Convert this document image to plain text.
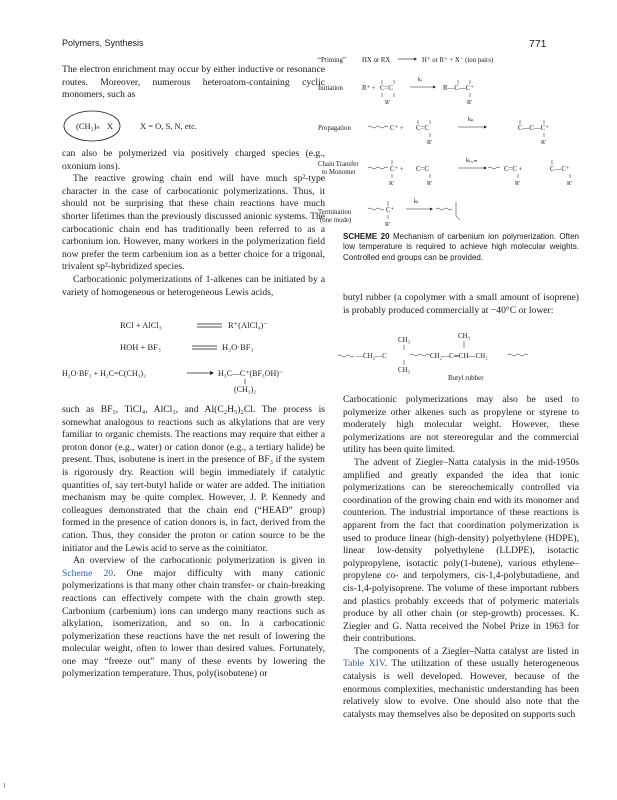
Polymers, Synthesis	771

The electron enrichment may occur by either inductive or resonance routes. Moreover, numerous heteroatom-containing cyclic monomers, such as

(CH₂)ₙ X	X = O, S, N, etc.

can also be polymerized via positively charged species (e.g., oxonium ions).

The reactive growing chain end will have much sp²-type character in the case of carbocationic polymerizations. Thus, it should not be surprising that these chain reactions have much shorter lifetimes than the previously discussed anionic systems. The carbocationic chain end has traditionally been referred to as a carbonium ion. However, many workers in the polymerization field now prefer the term carbenium ion as a better choice for a trigonal, trivalent sp²-hybridized species.

Carbocationic polymerizations of 1-alkenes can be initiated by a variety of homogeneous or heterogeneous Lewis acids,

RCl + AlCl₃	R⁺(AlCl₄)⁻
HOH + BF₃	H₂O·BF₃
H₂O·BF₃ + H₂C=C(CH₃)₂	H₃C—C⁺(BF₃OH)⁻
(CH₃)₂

such as BF₃, TiCl₄, AlCl₃, and Al(C₂H₅)₂Cl. The process is somewhat analogous to reactions such as alkylations that are very familiar to organic chemists. The reactions may require that either a proton donor (e.g., water) or cation donor (e.g., a tertiary halide) be present. Thus, isobutene is inert in the presence of BF₃ if the system is rigorously dry. Reaction will begin immediately if catalytic quantities of, say tert-butyl halide or water are added. The initiation mechanism may be quite complex. However, J. P. Kennedy and colleagues demonstrated that the chain end (“HEAD” group) formed in the presence of cation donors is, in fact, derived from the cation. Thus, they consider the proton or cation source to be the initiator and the Lewis acid to serve as the coinitiator.

An overview of the carbocationic polymerization is given in Scheme 20. One major difficulty with many cationic polymerizations is that many other chain transfer- or chain-breaking reactions can effectively compete with the chain growth step. Carbonium (carbenium) ions can undergo many reactions such as alkylation, isomerization, and so on. In a carbocationic polymerization these reactions have the net result of lowering the molecular weight, often to lower than desired values. Fortunately, one may “freeze out” many of these events by lowering the polymerization temperature. Thus, poly(isobutene) or

“Priming” HX or RX	H⁺ or R⁺ + X⁻ (ion pairs)
Initiation	R⁺ + C=C
R'
kᵢ
R—C—C⁺
R'
Propagation	C⁺ + C=C
R'
kₚ
C—C—C⁺
R'
Chain Transfer
to Monomer	C⁺ +
R'
C=C
R'
kₜᵣ,ₘ
C=C +
R'
C—C⁺
R'
Termination
(one mode)
C⁺
R'
kₜ
SCHEME 20 Mechanism of carbenium ion polymerization. Often low temperature is required to achieve high molecular weights. Controlled end groups can be provided.

butyl rubber (a copolymer with a small amount of isoprene) is probably produced commercially at −40°C or lower:

CH₃	CH₃
—CH₂—C	CH₂—C═CH—CH₂
CH₃
Butyl rubber

Carbocationic polymerizations may also be used to polymerize other alkenes such as propylene or styrene to moderately high molecular weight. However, these polymerizations are not stereoregular and the commercial utility has been quite limited.

The advent of Ziegler–Natta catalysis in the mid-1950s amplified and greatly expanded the idea that ionic polymerizations can be stereochemically controlled via coordination of the growing chain end with its monomer and counterion. The industrial importance of these reactions is apparent from the fact that coordination polymerization is used to produce linear (high-density) polyethylene (HDPE), linear low-density polyethylene (LLDPE), isotactic polypropylene, isotactic poly(1-butene), various ethylene–propylene co- and terpolymers, cis-1,4-polybutadiene, and cis-1,4-polyisoprene. The volume of these important rubbers and plastics probably exceeds that of polymeric materials produce by all other chain (or step-growth) processes. K. Ziegler and G. Natta received the Nobel Prize in 1963 for their contributions.

The components of a Ziegler–Natta catalyst are listed in Table XIV. The utilization of these usually heterogeneous catalysis is well developed. However, because of the enormous complexities, mechanistic understanding has been relatively slow to evolve. One should also note that the catalysts may themselves also be deposited on supports such
